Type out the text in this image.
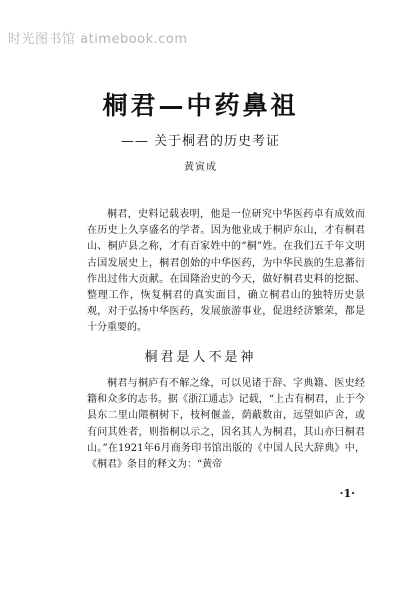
时光图书馆 atimebook.com
桐君—中药鼻祖
—— 关于桐君的历史考证
黄寅成

桐君，史料记载表明，他是一位研究中华医药卓有成效而在历史上久享盛名的学者。因为他业成于桐庐东山，才有桐君山、桐庐县之称，才有百家姓中的“桐”姓。在我们五千年文明古国发展史上，桐君创始的中华医药，为中华民族的生息蕃衍作出过伟大贡献。在国隆治史的今天，做好桐君史料的挖掘、整理工作，恢复桐君的真实面目，确立桐君山的独特历史景观，对于弘扬中华医药，发展旅游事业，促进经济繁荣，都是十分重要的。

桐君是人不是神

桐君与桐庐有不解之缘，可以见诸于辞、字典籍、医史经籍和众多的志书。据《浙江通志》记载，“上古有桐君，止于今县东二里山隈桐树下，枝柯偃盖，荫蔽数亩，远望如庐舍，或有问其姓者，则指桐以示之，因名其人为桐君，其山亦曰桐君山。”在1921年6月商务印书馆出版的《中国人民大辞典》中，《桐君》条目的释文为：“黄帝

·1·
